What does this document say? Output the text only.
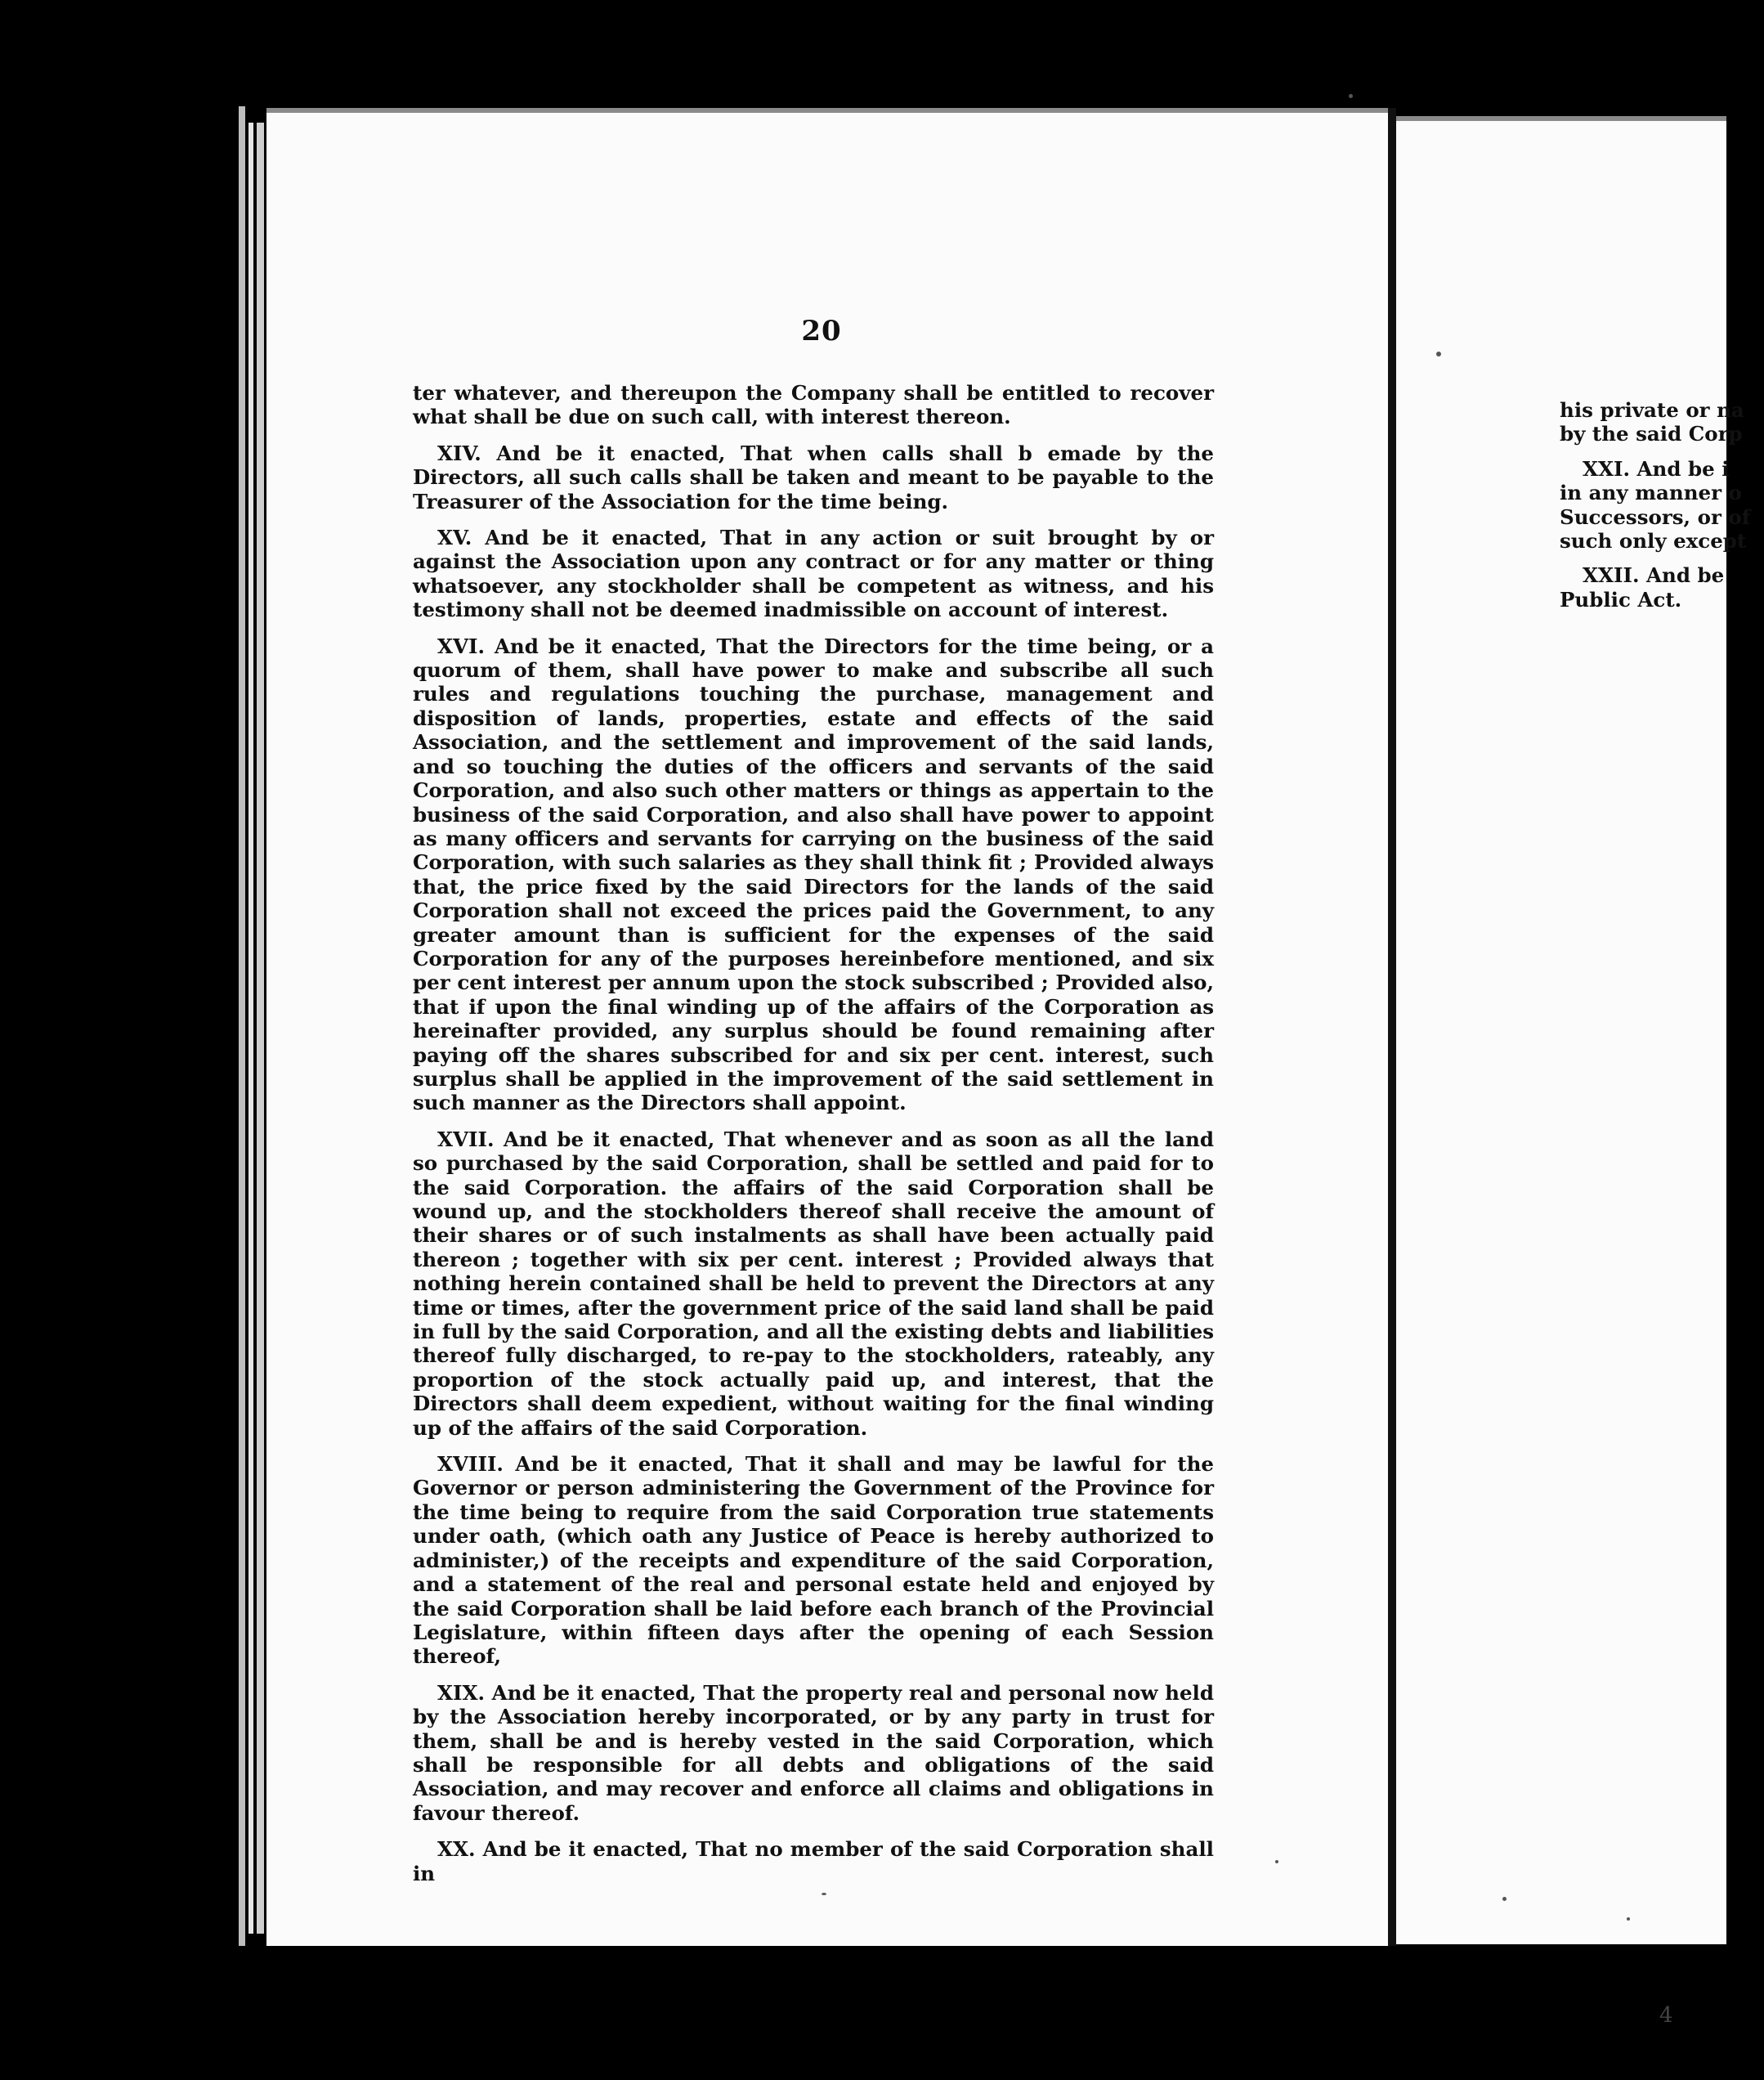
20

ter whatever, and thereupon the Company shall be entitled to recover what shall be due on such call, with interest thereon.

XIV. And be it enacted, That when calls shall b emade by the Directors, all such calls shall be taken and meant to be payable to the Treasurer of the Association for the time being.

XV. And be it enacted, That in any action or suit brought by or against the Association upon any contract or for any matter or thing whatsoever, any stockholder shall be competent as witness, and his testimony shall not be deemed inadmissible on account of interest.

XVI. And be it enacted, That the Directors for the time being, or a quorum of them, shall have power to make and subscribe all such rules and regulations touching the purchase, management and disposition of lands, properties, estate and effects of the said Association, and the settlement and improvement of the said lands, and so touching the duties of the officers and servants of the said Corporation, and also such other matters or things as appertain to the business of the said Corporation, and also shall have power to appoint as many officers and servants for carrying on the business of the said Corporation, with such salaries as they shall think fit ; Provided always that, the price fixed by the said Directors for the lands of the said Corporation shall not exceed the prices paid the Government, to any greater amount than is sufficient for the expenses of the said Corporation for any of the purposes hereinbefore mentioned, and six per cent interest per annum upon the stock subscribed ; Provided also, that if upon the final winding up of the affairs of the Corporation as hereinafter provided, any surplus should be found remaining after paying off the shares subscribed for and six per cent. interest, such surplus shall be applied in the improvement of the said settlement in such manner as the Directors shall appoint.

XVII. And be it enacted, That whenever and as soon as all the land so purchased by the said Corporation, shall be settled and paid for to the said Corporation. the affairs of the said Corporation shall be wound up, and the stockholders thereof shall receive the amount of their shares or of such instalments as shall have been actually paid thereon ; together with six per cent. interest ; Provided always that nothing herein contained shall be held to prevent the Directors at any time or times, after the government price of the said land shall be paid in full by the said Corporation, and all the existing debts and liabilities thereof fully discharged, to re-pay to the stockholders, rateably, any proportion of the stock actually paid up, and interest, that the Directors shall deem expedient, without waiting for the final winding up of the affairs of the said Corporation.

XVIII. And be it enacted, That it shall and may be lawful for the Governor or person administering the Government of the Province for the time being to require from the said Corporation true statements under oath, (which oath any Justice of Peace is hereby authorized to administer,) of the receipts and expenditure of the said Corporation, and a statement of the real and personal estate held and enjoyed by the said Corporation shall be laid before each branch of the Provincial Legislature, within fifteen days after the opening of each Session thereof,

XIX. And be it enacted, That the property real and personal now held by the Association hereby incorporated, or by any party in trust for them, shall be and is hereby vested in the said Corporation, which shall be responsible for all debts and obligations of the said Association, and may recover and enforce all claims and obligations in favour thereof.

XX. And be it enacted, That no member of the said Corporation shall in

his private or na
by the said Corp
XXI. And be i
in any manner o
Successors, or of
such only except
XXII. And be
Public Act.
4
